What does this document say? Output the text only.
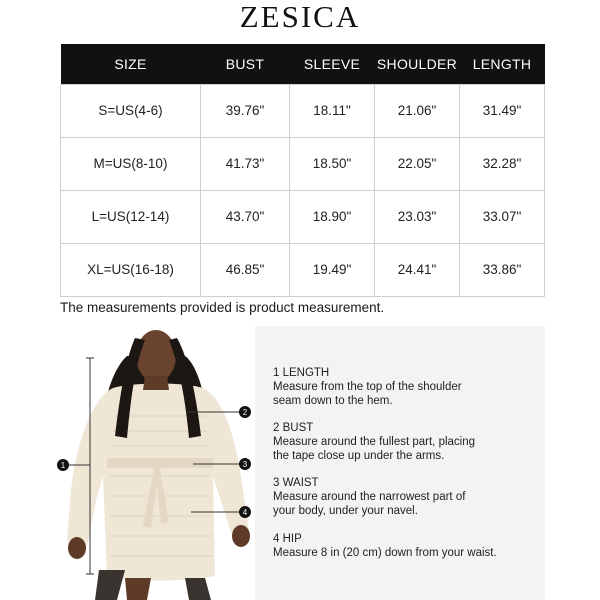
ZESICA
SIZE	BUST	SLEEVE	SHOULDER	LENGTH
S=US(4-6)	39.76"	18.11"	21.06"	31.49"
M=US(8-10)	41.73"	18.50"	22.05"	32.28"
L=US(12-14)	43.70"	18.90"	23.03"	33.07"
XL=US(16-18)	46.85"	19.49"	24.41"	33.86"
The measurements provided is product measurement.
1
2
3
4
1 LENGTH
Measure from the top of the shoulder
seam down to the hem.
2 BUST
Measure around the fullest part, placing
the tape close up under the arms.
3 WAIST
Measure around the narrowest part of
your body, under your navel.
4 HIP
Measure 8 in (20 cm) down from your waist.
